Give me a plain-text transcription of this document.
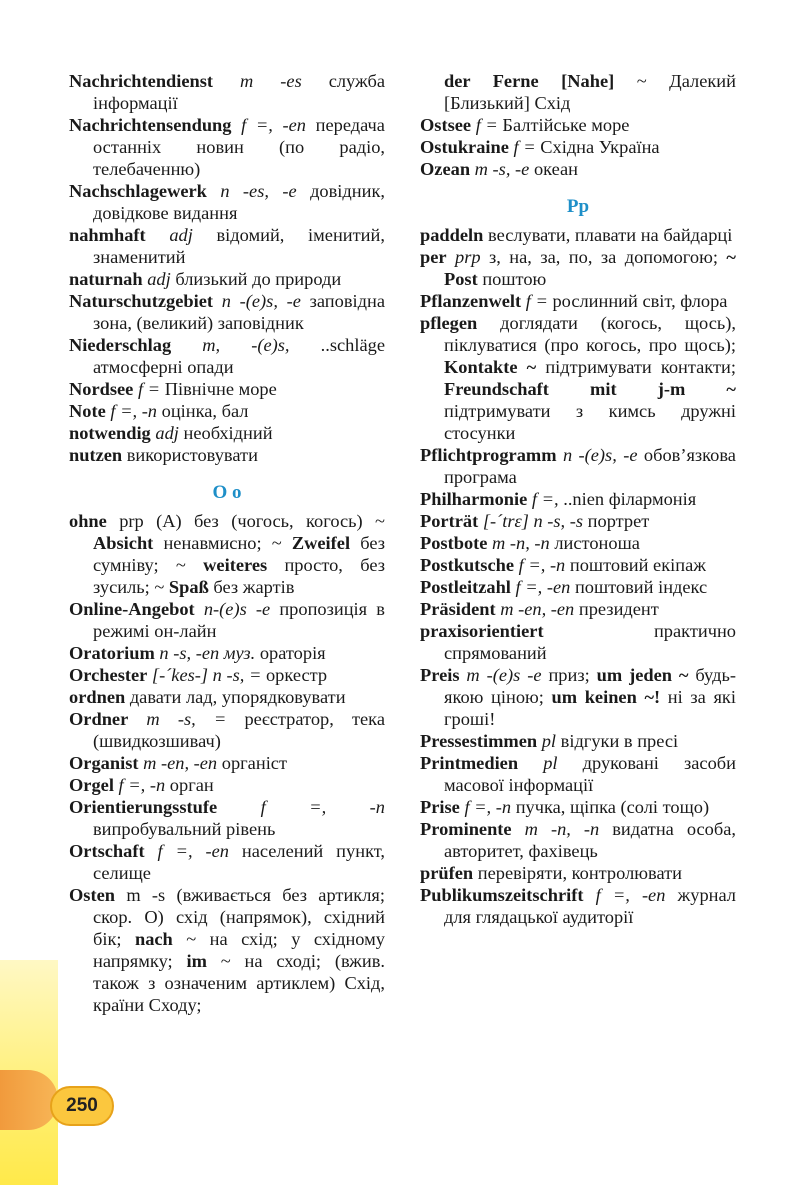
250

Nachrichtendienst m -es служба інформації

Nachrichtensendung f =, -en передача останніх новин (по радіо, телебаченню)

Nachschlagewerk n -es, -e довідник, довідкове видання

nahmhaft adj відомий, іменитий, знаменитий

naturnah adj близький до природи

Naturschutzgebiet n -(e)s, -e заповідна зона, (великий) заповідник

Niederschlag m, -(e)s, ..schläge атмосферні опади

Nordsee f = Північне море

Note f =, -n оцінка, бал

notwendig adj необхідний

nutzen використовувати

O o

ohne prp (A) без (чогось, когось) ~ Absicht ненавмисно; ~ Zweifel без сумніву; ~ weiteres просто, без зусиль; ~ Spaß без жартів

Online-Angebot n-(e)s -e пропозиція в режимі он-лайн

Oratorium n -s, -en муз. ораторія

Orchester [-´kes-] n -s, = оркестр

ordnen давати лад, упорядковувати

Ordner m -s, = реєстратор, тека (швидкозшивач)

Organist m -en, -en органіст

Orgel f =, -n орган

Orientierungsstufe f =, -n випробувальний рівень

Ortschaft f =, -en населений пункт, селище

Osten m -s (вживається без артикля; скор. O) схід (напрямок), східний бік; nach ~ на схід; у східному напрямку; im ~ на сході; (вжив. також з означеним артиклем) Схід, країни Сходу;

der Ferne [Nahe] ~ Далекий [Близький] Схід

Ostsee f = Балтійське море

Ostukraine f = Східна Україна

Ozean m -s, -e океан

Pp

paddeln веслувати, плавати на байдарці

per prp з, на, за, по, за допомогою; ~ Post поштою

Pflanzenwelt f = рослинний світ, флора

pflegen доглядати (когось, щось), піклуватися (про когось, про щось); Kontakte ~ підтримувати контакти; Freundschaft mit j-m ~ підтримувати з кимсь дружні стосунки

Pflichtprogramm n -(e)s, -e обов’язкова програма

Philharmonie f =, ..nien філармонія

Porträt [-´trɛ] n -s, -s портрет

Postbote m -n, -n листоноша

Postkutsche f =, -n поштовий екіпаж

Postleitzahl f =, -en поштовий індекс

Präsident m -en, -en президент

praxisorientiert	практично спрямований

Preis m -(e)s -e приз; um jeden ~ будь-якою ціною; um keinen ~! ні за які гроші!

Pressestimmen pl відгуки в пресі

Printmedien pl друковані засоби масової інформації

Prise f =, -n пучка, щіпка (солі тощо)

Prominente m -n, -n видатна особа, авторитет, фахівець

prüfen перевіряти, контролювати

Publikumszeitschrift f =, -en журнал для глядацької аудиторії
